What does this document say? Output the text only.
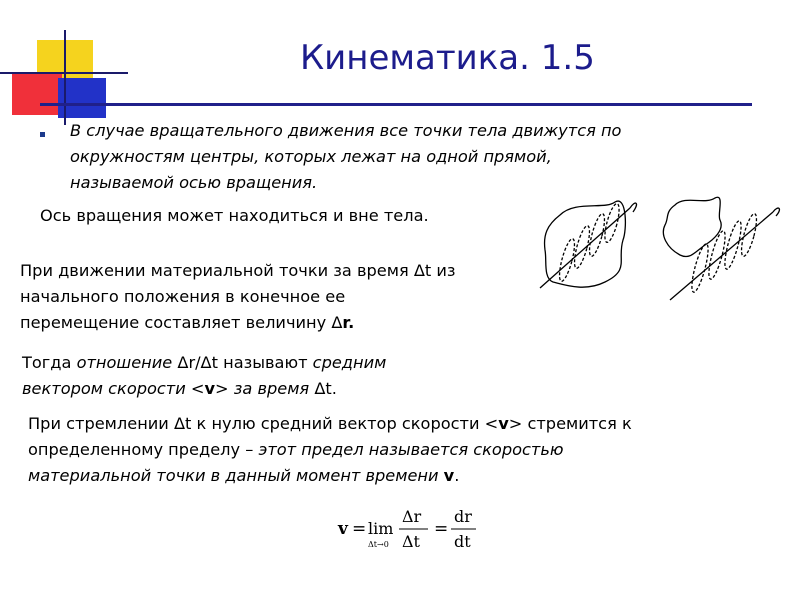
Кинематика. 1.5
В случае вращательного движения все точки тела движутся по
окружностям центры, которых лежат на одной прямой,
называемой осью вращения.
Ось вращения может находиться и вне тела.
При движении материальной точки за время Δt из
начального положения в конечное ее
перемещение составляет величину Δr.
Тогда отношение Δr/Δt называют средним
вектором скорости <v> за время Δt.
При стремлении Δt к нулю средний вектор скорости <v> стремится к
определенному пределу – этот предел называется скоростью
материальной точки в данный момент времени v.
v = lim
Δt→0
Δr
Δt
=
dr
dt
